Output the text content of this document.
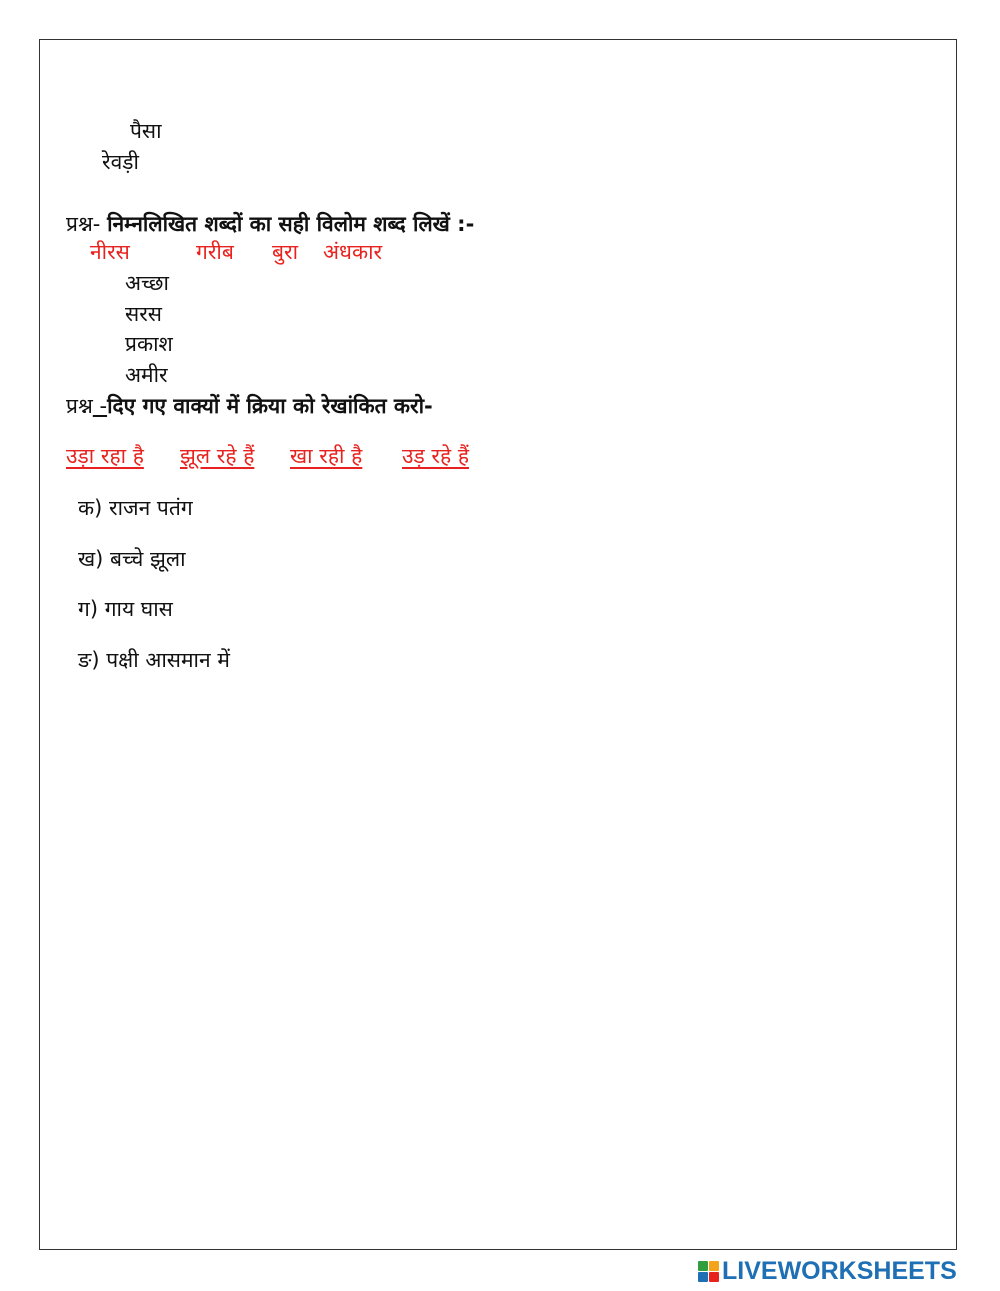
पैसा
रेवड़ी
प्रश्न- निम्नलिखित शब्दों का सही विलोम शब्द लिखें :-
नीरस	गरीब बुरा अंधकार
अच्छा
सरस
प्रकाश
अमीर
प्रश्न -दिए गए वाक्यों में क्रिया को रेखांकित करो-
उड़ा रहा है झूल रहे हैं खा रही है उड़ रहे हैं
क) राजन पतंग
ख) बच्चे झूला
ग) गाय घास
ङ) पक्षी आसमान में
LIVEWORKSHEETS
